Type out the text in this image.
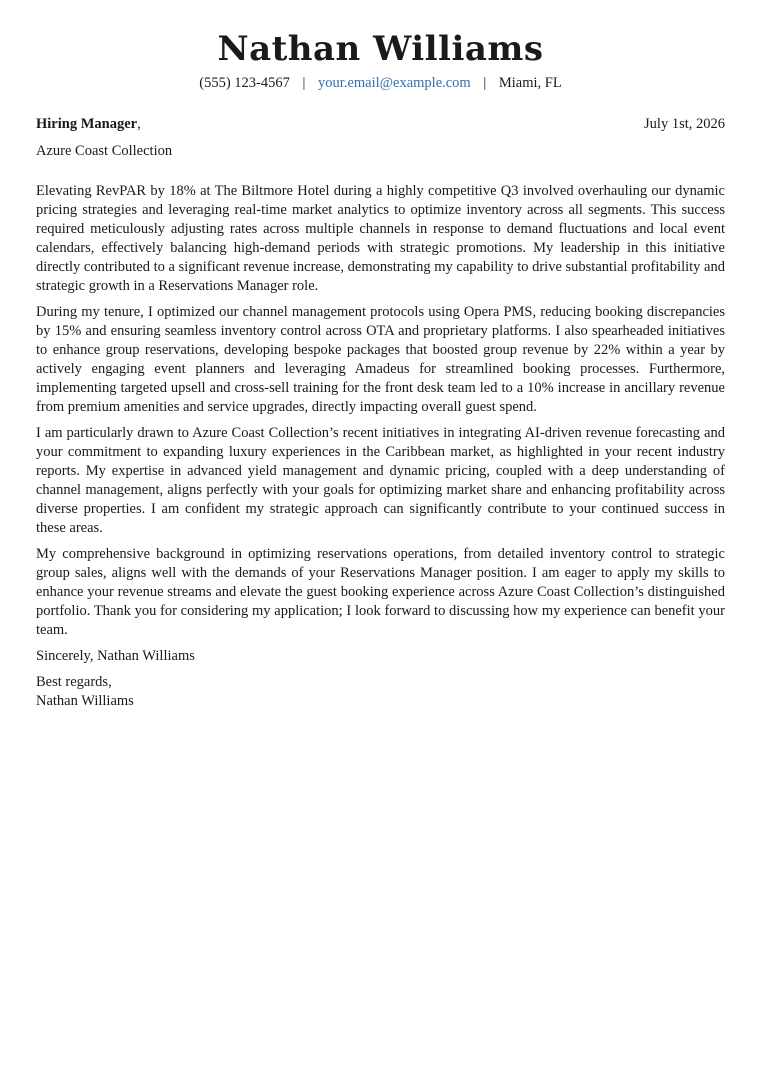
Nathan Williams
(555) 123-4567 | your.email@example.com | Miami, FL
Hiring Manager,	July 1st, 2026
Azure Coast Collection

Elevating RevPAR by 18% at The Biltmore Hotel during a highly competitive Q3 involved overhauling our dynamic pricing strategies and leveraging real-time market analytics to optimize inventory across all segments. This success required meticulously adjusting rates across multiple channels in response to demand fluctuations and local event calendars, effectively balancing high-demand periods with strategic promotions. My leadership in this initiative directly contributed to a significant revenue increase, demonstrating my capability to drive substantial profitability and strategic growth in a Reservations Manager role.

During my tenure, I optimized our channel management protocols using Opera PMS, reducing booking discrepancies by 15% and ensuring seamless inventory control across OTA and proprietary platforms. I also spearheaded initiatives to enhance group reservations, developing bespoke packages that boosted group revenue by 22% within a year by actively engaging event planners and leveraging Amadeus for streamlined booking processes. Furthermore, implementing targeted upsell and cross-sell training for the front desk team led to a 10% increase in ancillary revenue from premium amenities and service upgrades, directly impacting overall guest spend.

I am particularly drawn to Azure Coast Collection’s recent initiatives in integrating AI-driven revenue forecasting and your commitment to expanding luxury experiences in the Caribbean market, as highlighted in your recent industry reports. My expertise in advanced yield management and dynamic pricing, coupled with a deep understanding of channel management, aligns perfectly with your goals for optimizing market share and enhancing profitability across diverse properties. I am confident my strategic approach can significantly contribute to your continued success in these areas.

My comprehensive background in optimizing reservations operations, from detailed inventory control to strategic group sales, aligns well with the demands of your Reservations Manager position. I am eager to apply my skills to enhance your revenue streams and elevate the guest booking experience across Azure Coast Collection’s distinguished portfolio. Thank you for considering my application; I look forward to discussing how my experience can benefit your team.

Sincerely, Nathan Williams
Best regards,
Nathan Williams
